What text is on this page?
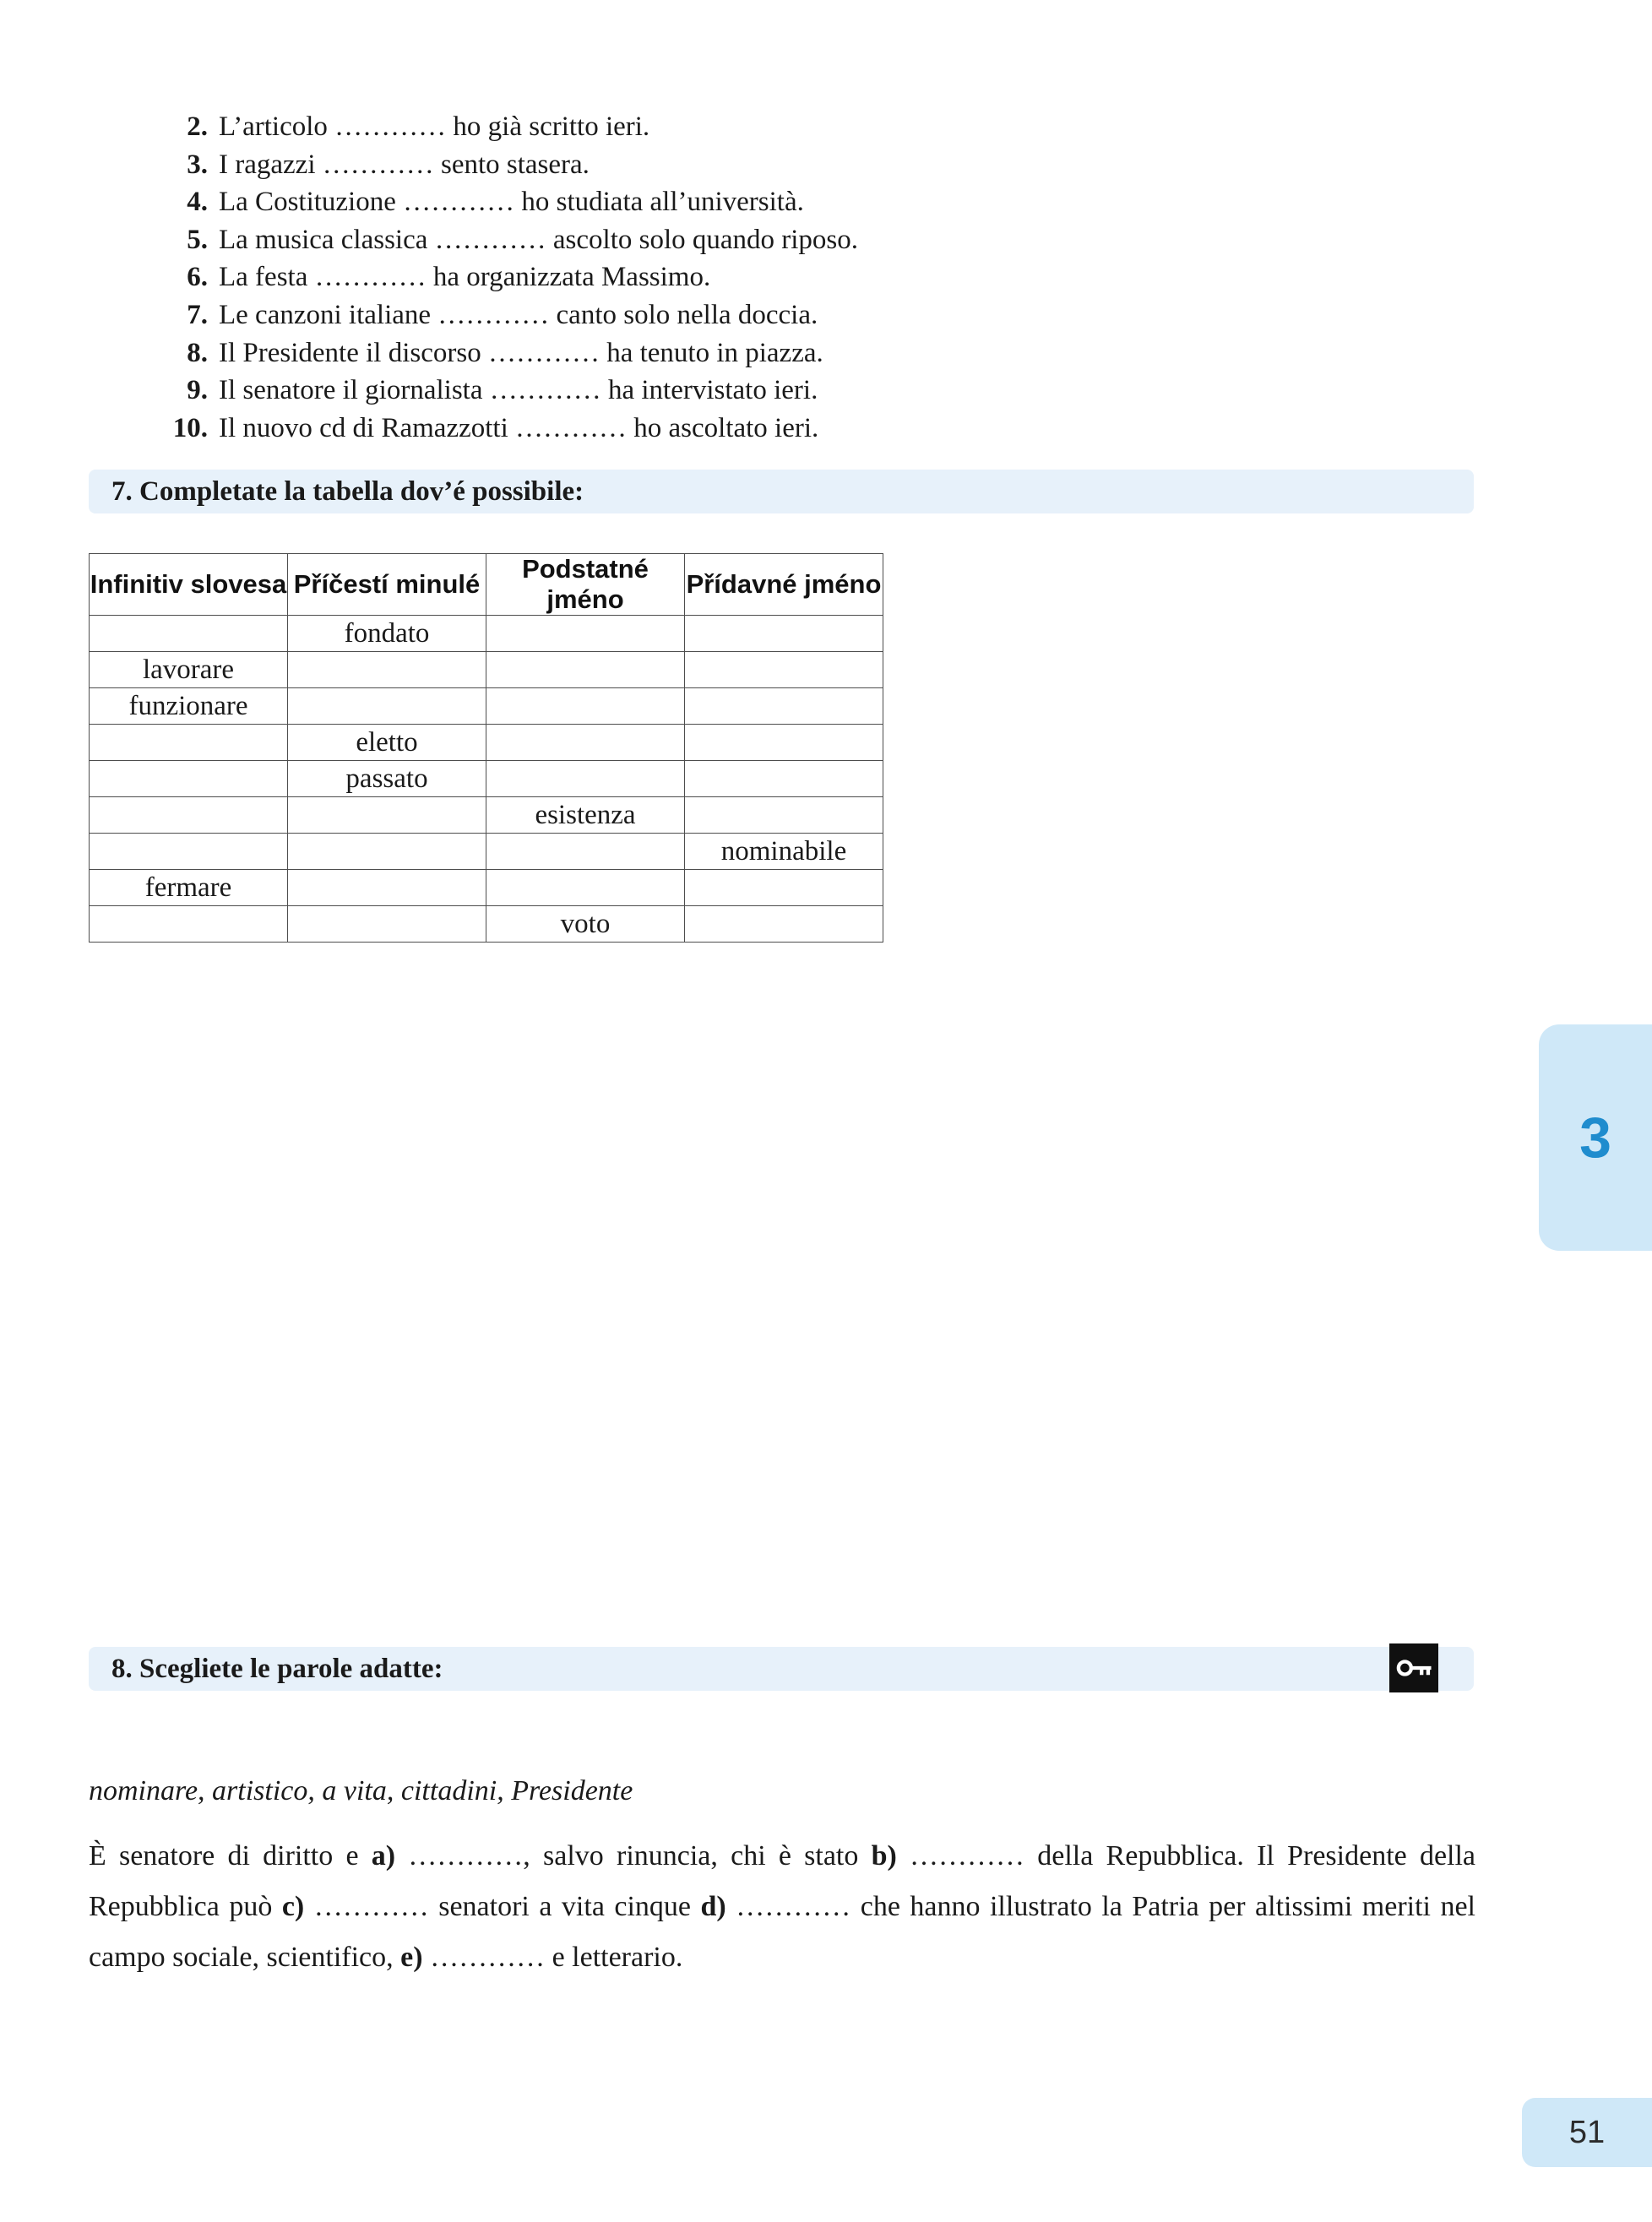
2. L’articolo ………… ho già scritto ieri.
3. I ragazzi ………… sento stasera.
4. La Costituzione ………… ho studiata all’università.
5. La musica classica ………… ascolto solo quando riposo.
6. La festa ………… ha organizzata Massimo.
7. Le canzoni italiane ………… canto solo nella doccia.
8. Il Presidente il discorso ………… ha tenuto in piazza.
9. Il senatore il giornalista ………… ha intervistato ieri.
10. Il nuovo cd di Ramazzotti ………… ho ascoltato ieri.
7. Completate la tabella dov’é possibile:
Infinitiv slovesa	Příčestí minulé	Podstatné jméno	Přídavné jméno
	fondato		
lavorare			
funzionare			
	eletto		
	passato		
		esistenza	
			nominabile
fermare			
		voto	
3
8. Scegliete le parole adatte:
nominare, artistico, a vita, cittadini, Presidente

È senatore di diritto e a) …………, salvo rinuncia, chi è stato b) ………… della Repubblica. Il Presidente della Repubblica può c) ………… senatori a vita cinque d) ………… che hanno illustrato la Patria per altissimi meriti nel campo sociale, scientifico, e) ………… e letterario.

51
